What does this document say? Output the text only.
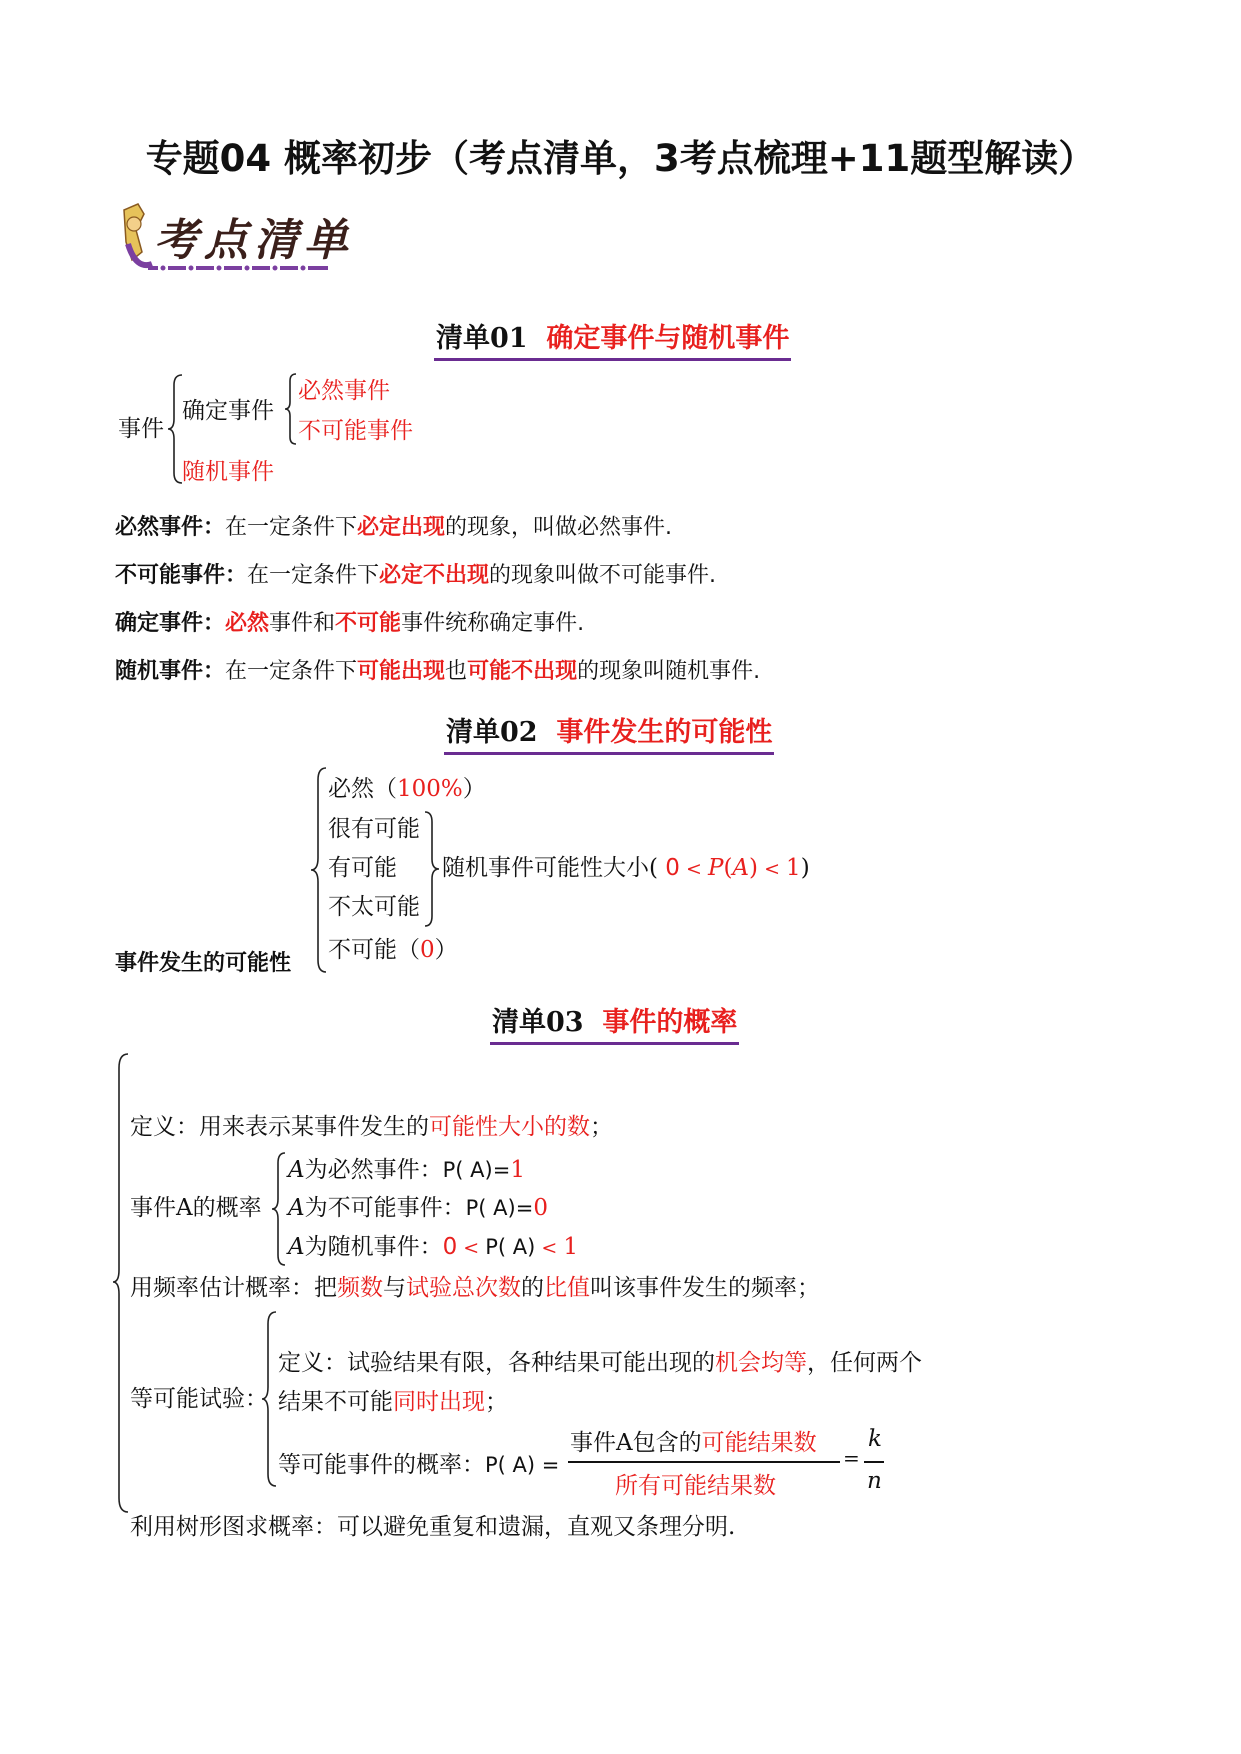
专题04 概率初步（考点清单，3考点梳理+11题型解读）
考点清单
清单01 确定事件与随机事件
事件
确定事件
必然事件
不可能事件
随机事件
必然事件：在一定条件下必定出现的现象，叫做必然事件.
不可能事件：在一定条件下必定不出现的现象叫做不可能事件.
确定事件：必然事件和不可能事件统称确定事件.
随机事件：在一定条件下可能出现也可能不出现的现象叫随机事件.
清单02 事件发生的可能性
必然（100%）
很有可能
有可能
不太可能
随机事件可能性大小( 0 < P(A) < 1)
不可能（0）
事件发生的可能性
清单03 事件的概率
定义：用来表示某事件发生的可能性大小的数；
事件A的概率
A为必然事件：P( A)=1
A为不可能事件：P( A)=0
A为随机事件：0 < P( A) < 1
用频率估计概率：把频数与试验总次数的比值叫该事件发生的频率；
等可能试验：
定义：试验结果有限，各种结果可能出现的机会均等，任何两个
结果不可能同时出现；
等可能事件的概率：P( A) =
事件A包含的可能结果数
所有可能结果数
=
k
n
利用树形图求概率：可以避免重复和遗漏，直观又条理分明.
